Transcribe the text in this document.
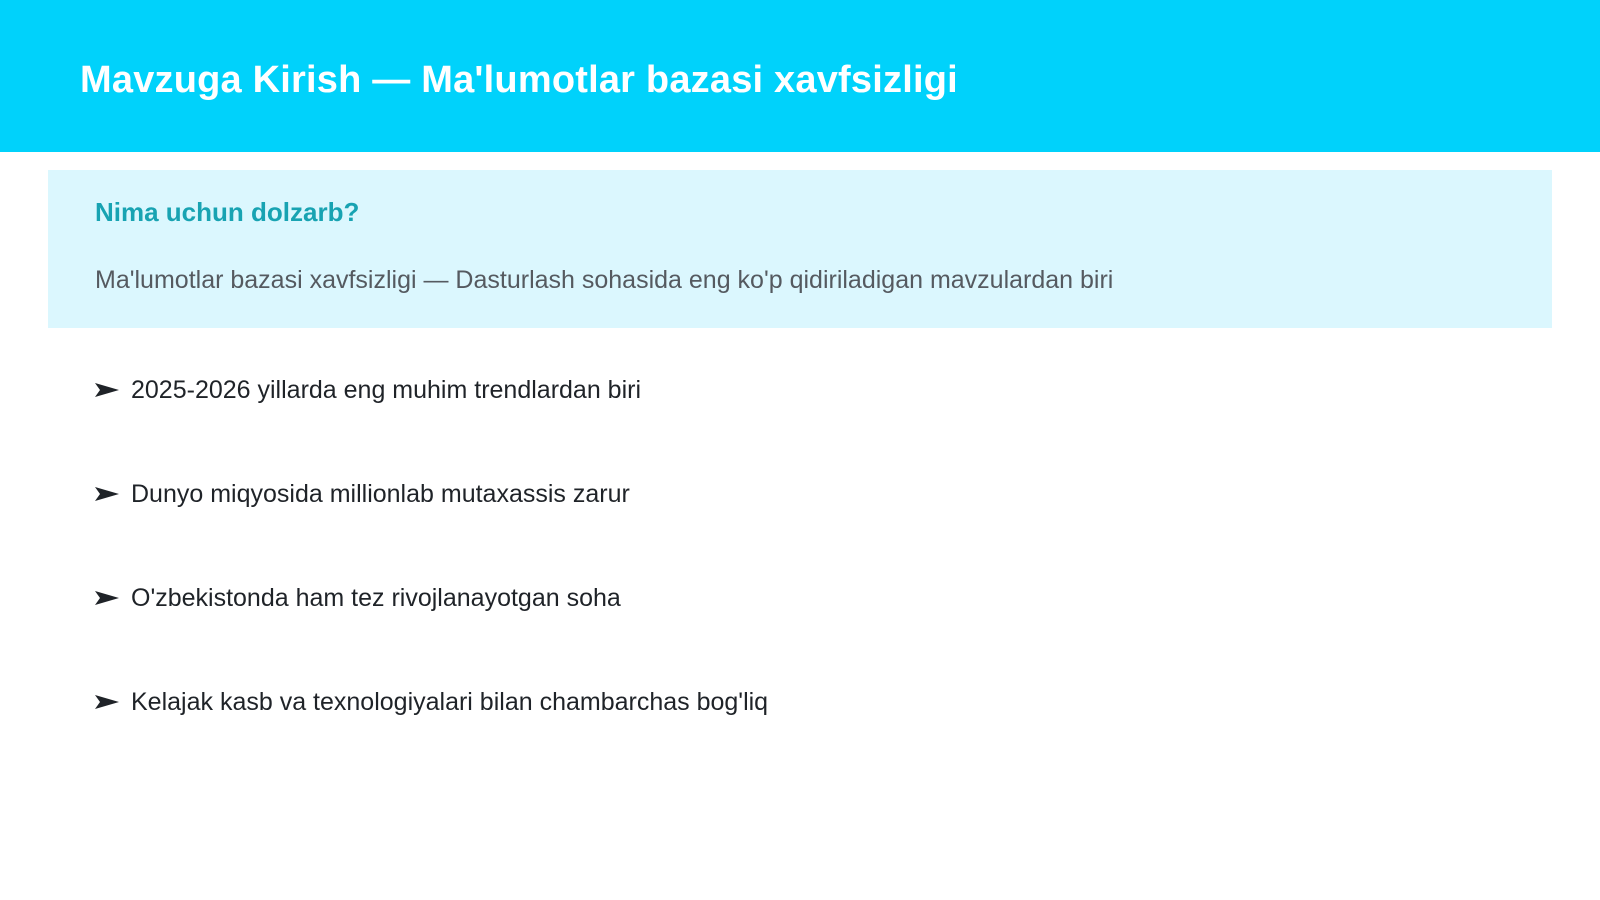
Mavzuga Kirish — Ma'lumotlar bazasi xavfsizligi
Nima uchun dolzarb?

Ma'lumotlar bazasi xavfsizligi — Dasturlash sohasida eng ko'p qidiriladigan mavzulardan biri

2025-2026 yillarda eng muhim trendlardan biri
Dunyo miqyosida millionlab mutaxassis zarur
O'zbekistonda ham tez rivojlanayotgan soha
Kelajak kasb va texnologiyalari bilan chambarchas bog'liq
